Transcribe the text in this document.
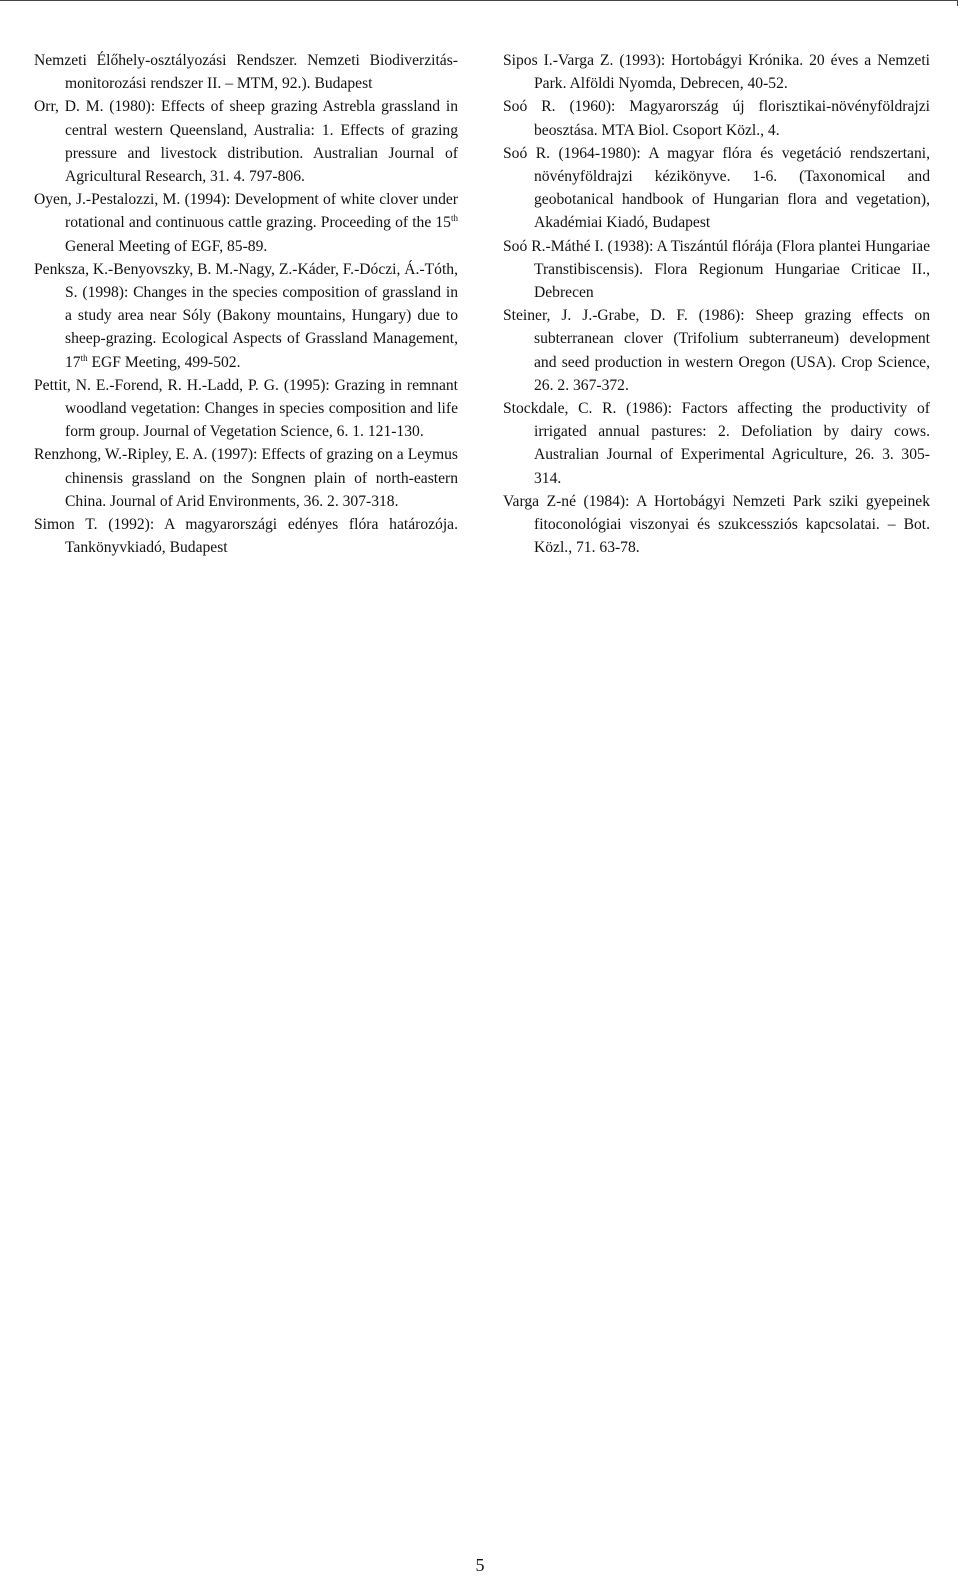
Nemzeti Élőhely-osztályozási Rendszer. Nemzeti Biodiverzitás-monitorozási rendszer II. – MTM, 92.). Budapest

Orr, D. M. (1980): Effects of sheep grazing Astrebla grassland in central western Queensland, Australia: 1. Effects of grazing pressure and livestock distribution. Australian Journal of Agricultural Research, 31. 4. 797-806.

Oyen, J.-Pestalozzi, M. (1994): Development of white clover under rotational and continuous cattle grazing. Proceeding of the 15th General Meeting of EGF, 85-89.

Penksza, K.-Benyovszky, B. M.-Nagy, Z.-Káder, F.-Dóczi, Á.-Tóth, S. (1998): Changes in the species composition of grassland in a study area near Sóly (Bakony mountains, Hungary) due to sheep-grazing. Ecological Aspects of Grassland Management, 17th EGF Meeting, 499-502.

Pettit, N. E.-Forend, R. H.-Ladd, P. G. (1995): Grazing in remnant woodland vegetation: Changes in species composition and life form group. Journal of Vegetation Science, 6. 1. 121-130.

Renzhong, W.-Ripley, E. A. (1997): Effects of grazing on a Leymus chinensis grassland on the Songnen plain of north-eastern China. Journal of Arid Environments, 36. 2. 307-318.

Simon T. (1992): A magyarországi edényes flóra határozója. Tankönyvkiadó, Budapest

Sipos I.-Varga Z. (1993): Hortobágyi Krónika. 20 éves a Nemzeti Park. Alföldi Nyomda, Debrecen, 40-52.

Soó R. (1960): Magyarország új florisztikai-növényföldrajzi beosztása. MTA Biol. Csoport Közl., 4.

Soó R. (1964-1980): A magyar flóra és vegetáció rendszertani, növényföldrajzi kézikönyve. 1-6. (Taxonomical and geobotanical handbook of Hungarian flora and vegetation), Akadémiai Kiadó, Budapest

Soó R.-Máthé I. (1938): A Tiszántúl flórája (Flora plantei Hungariae Transtibiscensis). Flora Regionum Hungariae Criticae II., Debrecen

Steiner, J. J.-Grabe, D. F. (1986): Sheep grazing effects on subterranean clover (Trifolium subterraneum) development and seed production in western Oregon (USA). Crop Science, 26. 2. 367-372.

Stockdale, C. R. (1986): Factors affecting the productivity of irrigated annual pastures: 2. Defoliation by dairy cows. Australian Journal of Experimental Agriculture, 26. 3. 305-314.

Varga Z-né (1984): A Hortobágyi Nemzeti Park sziki gyepeinek fitoconológiai viszonyai és szukcessziós kapcsolatai. – Bot. Közl., 71. 63-78.

5
